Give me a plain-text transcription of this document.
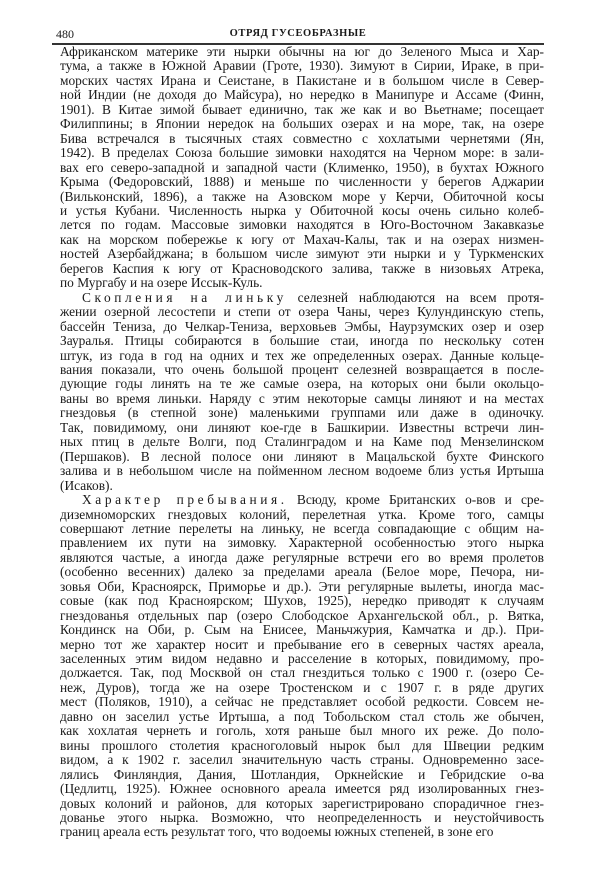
480	ОТРЯД ГУСЕОБРАЗНЫЕ
Африканском материке эти нырки обычны на юг до Зеленого Мыса и Хар-
тума, а также в Южной Аравии (Гроте, 1930). Зимуют в Сирии, Ираке, в при-
морских частях Ирана и Сеистане, в Пакистане и в большом числе в Север-
ной Индии (не доходя до Майсура), но нередко в Манипуре и Ассаме (Финн,
1901). В Китае зимой бывает единично, так же как и во Вьетнаме; посещает
Филиппины; в Японии нередок на больших озерах и на море, так, на озере
Бива встречался в тысячных стаях совместно с хохлатыми чернетями (Ян,
1942). В пределах Союза большие зимовки находятся на Черном море: в зали-
вах его северо-западной и западной части (Клименко, 1950), в бухтах Южного
Крыма (Федоровский, 1888) и меньше по численности у берегов Аджарии
(Вильконский, 1896), а также на Азовском море у Керчи, Обиточной косы
и устья Кубани. Численность нырка у Обиточной косы очень сильно колеб-
лется по годам. Массовые зимовки находятся в Юго-Восточном Закавказье
как на морском побережье к югу от Махач-Калы, так и на озерах низмен-
ностей Азербайджана; в большом числе зимуют эти нырки и у Туркменских
берегов Каспия к югу от Красноводского залива, также в низовьях Атрека,
по Мургабу и на озере Иссык-Куль.
Скопления на линьку селезней наблюдаются на всем протя-
жении озерной лесостепи и степи от озера Чаны, через Кулундинскую степь,
бассейн Тениза, до Челкар-Тениза, верховьев Эмбы, Наурзумских озер и озер
Зауралья. Птицы собираются в большие стаи, иногда по нескольку сотен
штук, из года в год на одних и тех же определенных озерах. Данные кольце-
вания показали, что очень большой процент селезней возвращается в после-
дующие годы линять на те же самые озера, на которых они были окольцо-
ваны во время линьки. Наряду с этим некоторые самцы линяют и на местах
гнездовья (в степной зоне) маленькими группами или даже в одиночку.
Так, повидимому, они линяют кое-где в Башкирии. Известны встречи лин-
ных птиц в дельте Волги, под Сталинградом и на Каме под Мензелинском
(Першаков). В лесной полосе они линяют в Мацальской бухте Финского
залива и в небольшом числе на пойменном лесном водоеме близ устья Иртыша
(Исаков).
Характер пребывания. Всюду, кроме Британских о-вов и сре-
диземноморских гнездовых колоний, перелетная утка. Кроме того, самцы
совершают летние перелеты на линьку, не всегда совпадающие с общим на-
правлением их пути на зимовку. Характерной особенностью этого нырка
являются частые, а иногда даже регулярные встречи его во время пролетов
(особенно весенних) далеко за пределами ареала (Белое море, Печора, ни-
зовья Оби, Красноярск, Приморье и др.). Эти регулярные вылеты, иногда мас-
совые (как под Красноярском; Шухов, 1925), нередко приводят к случаям
гнездованья отдельных пар (озеро Слободское Архангельской обл., р. Вятка,
Кондинск на Оби, р. Сым на Енисее, Маньчжурия, Камчатка и др.). При-
мерно тот же характер носит и пребывание его в северных частях ареала,
заселенных этим видом недавно и расселение в которых, повидимому, про-
должается. Так, под Москвой он стал гнездиться только с 1900 г. (озеро Се-
неж, Дуров), тогда же на озере Тростенском и с 1907 г. в ряде других
мест (Поляков, 1910), а сейчас не представляет особой редкости. Совсем не-
давно он заселил устье Иртыша, а под Тобольском стал столь же обычен,
как хохлатая чернеть и гоголь, хотя раньше был много их реже. До поло-
вины прошлого столетия красноголовый нырок был для Швеции редким
видом, а к 1902 г. заселил значительную часть страны. Одновременно засе-
лялись Финляндия, Дания, Шотландия, Оркнейские и Гебридские о-ва
(Цедлитц, 1925). Южнее основного ареала имеется ряд изолированных гнез-
довых колоний и районов, для которых зарегистрировано спорадичное гнез-
дованье этого нырка. Возможно, что неопределенность и неустойчивость
границ ареала есть результат того, что водоемы южных степеней, в зоне его
